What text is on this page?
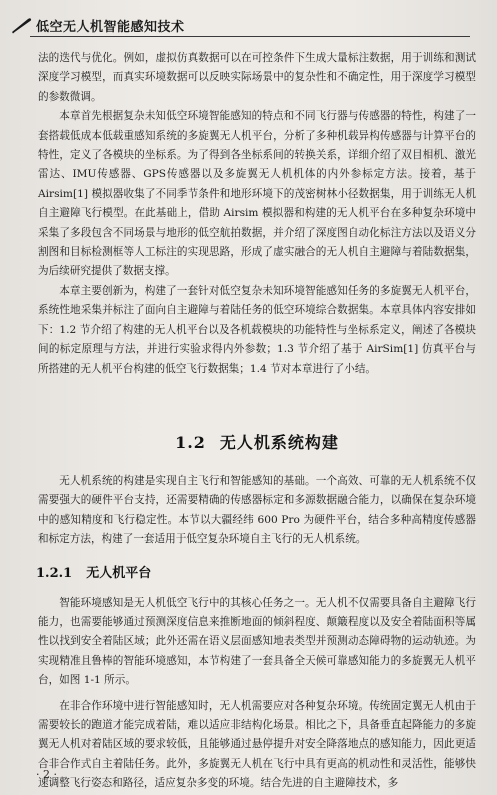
低空无人机智能感知技术

法的迭代与优化。例如，虚拟仿真数据可以在可控条件下生成大量标注数据，用于训练和测试深度学习模型，而真实环境数据可以反映实际场景中的复杂性和不确定性，用于深度学习模型的参数微调。

本章首先根据复杂未知低空环境智能感知的特点和不同飞行器与传感器的特性，构建了一套搭载低成本低载重感知系统的多旋翼无人机平台，分析了多种机载异构传感器与计算平台的特性，定义了各模块的坐标系。为了得到各坐标系间的转换关系，详细介绍了双目相机、激光雷达、IMU传感器、GPS传感器以及多旋翼无人机机体的内外参标定方法。接着，基于 Airsim[1] 模拟器收集了不同季节条件和地形环境下的茂密树林小径数据集，用于训练无人机自主避障飞行模型。在此基础上，借助 Airsim 模拟器和构建的无人机平台在多种复杂环境中采集了多段包含不同场景与地形的低空航拍数据，并介绍了深度图自动化标注方法以及语义分割图和目标检测框等人工标注的实现思路，形成了虚实融合的无人机自主避障与着陆数据集，为后续研究提供了数据支撑。

本章主要创新为，构建了一套针对低空复杂未知环境智能感知任务的多旋翼无人机平台，系统性地采集并标注了面向自主避障与着陆任务的低空环境综合数据集。本章具体内容安排如下：1.2 节介绍了构建的无人机平台以及各机载模块的功能特性与坐标系定义，阐述了各模块间的标定原理与方法，并进行实验求得内外参数；1.3 节介绍了基于 AirSim[1] 仿真平台与所搭建的无人机平台构建的低空飞行数据集；1.4 节对本章进行了小结。

1.2 无人机系统构建

无人机系统的构建是实现自主飞行和智能感知的基础。一个高效、可靠的无人机系统不仅需要强大的硬件平台支持，还需要精确的传感器标定和多源数据融合能力，以确保在复杂环境中的感知精度和飞行稳定性。本节以大疆经纬 600 Pro 为硬件平台，结合多种高精度传感器和标定方法，构建了一套适用于低空复杂环境自主飞行的无人机系统。

1.2.1 无人机平台

智能环境感知是无人机低空飞行中的其核心任务之一。无人机不仅需要具备自主避障飞行能力，也需要能够通过预测深度信息来推断地面的倾斜程度、颠簸程度以及安全着陆面积等属性以找到安全着陆区域；此外还需在语义层面感知地表类型并预测动态障碍物的运动轨迹。为实现精准且鲁棒的智能环境感知，本节构建了一套具备全天候可靠感知能力的多旋翼无人机平台，如图 1-1 所示。

在非合作环境中进行智能感知时，无人机需要应对各种复杂环境。传统固定翼无人机由于需要较长的跑道才能完成着陆，难以适应非结构化场景。相比之下，具备垂直起降能力的多旋翼无人机对着陆区域的要求较低，且能够通过悬停提升对安全降落地点的感知能力，因此更适合非合作式自主着陆任务。此外，多旋翼无人机在飞行中具有更高的机动性和灵活性，能够快速调整飞行姿态和路径，适应复杂多变的环境。结合先进的自主避障技术，多

· 2 ·
